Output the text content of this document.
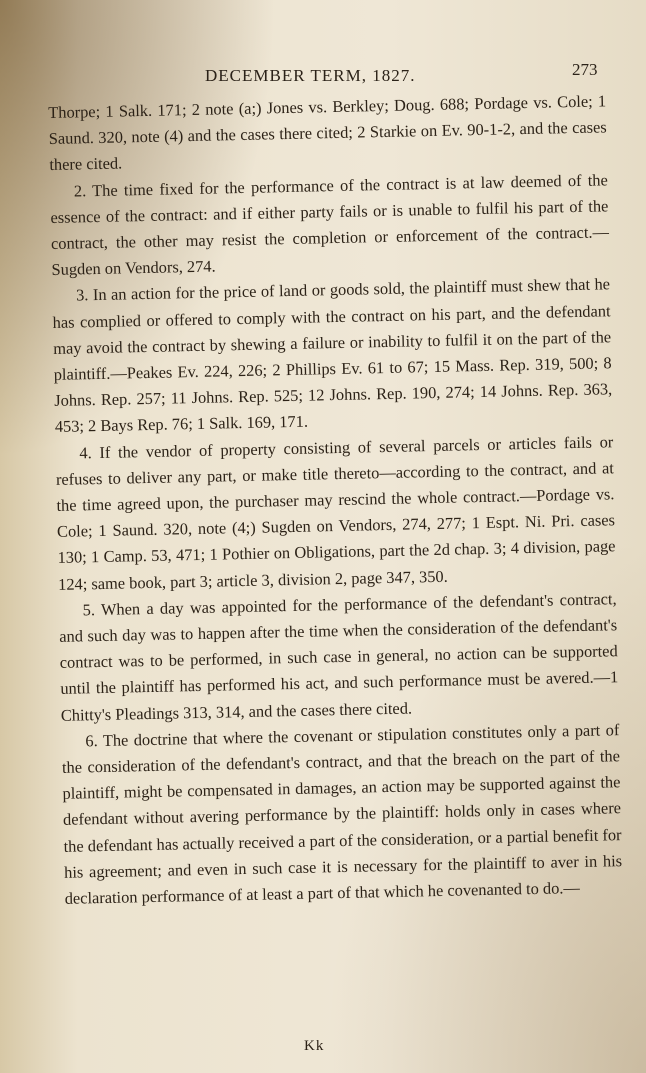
DECEMBER TERM, 1827.	273

Thorpe; 1 Salk. 171; 2 note (a;) Jones vs. Berkley; Doug. 688; Pordage vs. Cole; 1 Saund. 320, note (4) and the cases there cited; 2 Starkie on Ev. 90-1-2, and the cases there cited.

2. The time fixed for the performance of the contract is at law deemed of the essence of the contract: and if either party fails or is unable to fulfil his part of the contract, the other may resist the completion or enforcement of the contract.—Sugden on Vendors, 274.

3. In an action for the price of land or goods sold, the plaintiff must shew that he has complied or offered to comply with the contract on his part, and the defendant may avoid the contract by shewing a failure or inability to fulfil it on the part of the plaintiff.—Peakes Ev. 224, 226; 2 Phillips Ev. 61 to 67; 15 Mass. Rep. 319, 500; 8 Johns. Rep. 257; 11 Johns. Rep. 525; 12 Johns. Rep. 190, 274; 14 Johns. Rep. 363, 453; 2 Bays Rep. 76; 1 Salk. 169, 171.

4. If the vendor of property consisting of several parcels or articles fails or refuses to deliver any part, or make title thereto—according to the contract, and at the time agreed upon, the purchaser may rescind the whole contract.—Pordage vs. Cole; 1 Saund. 320, note (4;) Sugden on Vendors, 274, 277; 1 Espt. Ni. Pri. cases 130; 1 Camp. 53, 471; 1 Pothier on Obligations, part the 2d chap. 3; 4 division, page 124; same book, part 3; article 3, division 2, page 347, 350.

5. When a day was appointed for the performance of the defendant's contract, and such day was to happen after the time when the consideration of the defendant's contract was to be performed, in such case in general, no action can be supported until the plaintiff has performed his act, and such performance must be avered.—1 Chitty's Pleadings 313, 314, and the cases there cited.

6. The doctrine that where the covenant or stipulation constitutes only a part of the consideration of the defendant's contract, and that the breach on the part of the plaintiff, might be compensated in damages, an action may be supported against the defendant without avering performance by the plaintiff: holds only in cases where the defendant has actually received a part of the consideration, or a partial benefit for his agreement; and even in such case it is necessary for the plaintiff to aver in his declaration performance of at least a part of that which he covenanted to do.—

Kk
